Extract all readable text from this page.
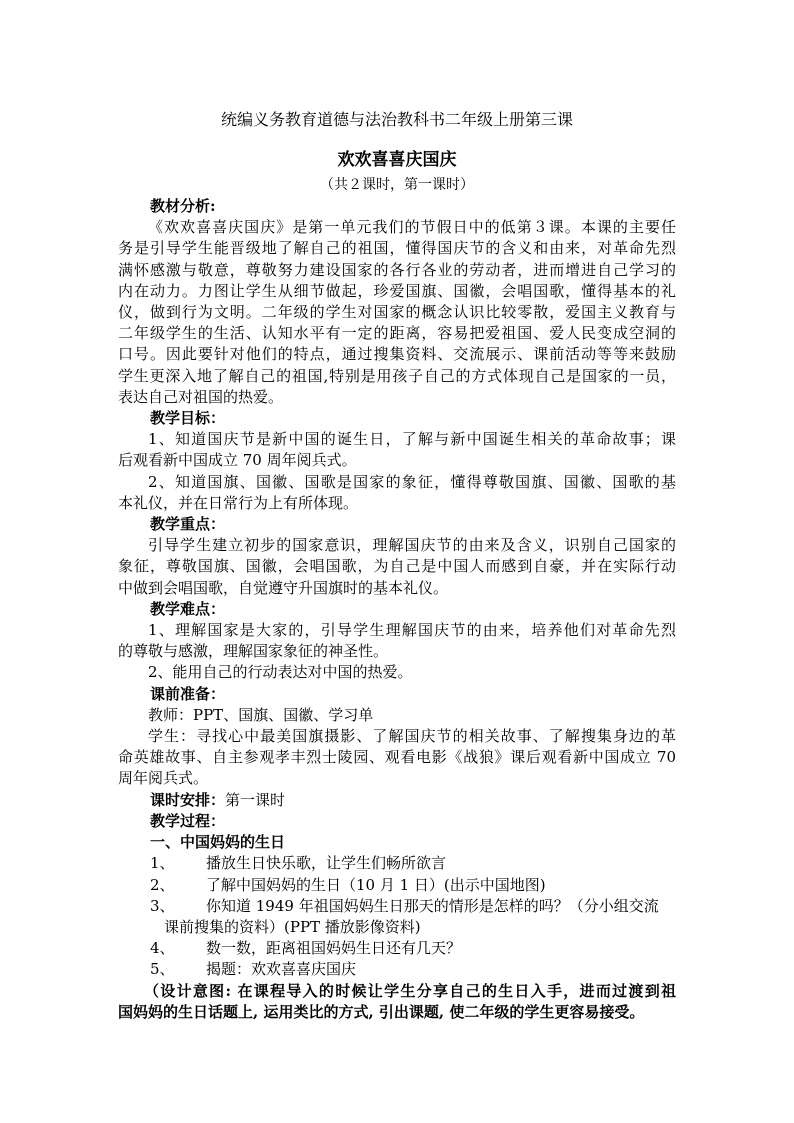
统编义务教育道德与法治教科书二年级上册第三课
欢欢喜喜庆国庆
（共２课时，第一课时）
教材分析:
《欢欢喜喜庆国庆》是第一单元我们的节假日中的低第３课。本课的主要任
务是引导学生能晋级地了解自己的祖国，懂得国庆节的含义和由来，对革命先烈
满怀感激与敬意，尊敬努力建设国家的各行各业的劳动者，进而增进自己学习的
内在动力。力图让学生从细节做起，珍爱国旗、国徽，会唱国歌，懂得基本的礼
仪，做到行为文明。二年级的学生对国家的概念认识比较零散，爱国主义教育与
二年级学生的生活、认知水平有一定的距离，容易把爱祖国、爱人民变成空洞的
口号。因此要针对他们的特点，通过搜集资料、交流展示、课前活动等等来鼓励
学生更深入地了解自己的祖国,特别是用孩子自己的方式体现自己是国家的一员，
表达自己对祖国的热爱。
教学目标：
1、知道国庆节是新中国的诞生日，了解与新中国诞生相关的革命故事；课
后观看新中国成立 70 周年阅兵式。
2、知道国旗、国徽、国歌是国家的象征，懂得尊敬国旗、国徽、国歌的基
本礼仪，并在日常行为上有所体现。
教学重点：
引导学生建立初步的国家意识，理解国庆节的由来及含义，识别自己国家的
象征，尊敬国旗、国徽，会唱国歌，为自己是中国人而感到自豪，并在实际行动
中做到会唱国歌，自觉遵守升国旗时的基本礼仪。
教学难点：
1、理解国家是大家的，引导学生理解国庆节的由来，培养他们对革命先烈
的尊敬与感激，理解国家象征的神圣性。
2、能用自己的行动表达对中国的热爱。
课前准备：
教师：PPT、国旗、国徽、学习单
学生：寻找心中最美国旗摄影、了解国庆节的相关故事、了解搜集身边的革
命英雄故事、自主参观孝丰烈士陵园、观看电影《战狼》课后观看新中国成立 70
周年阅兵式。
课时安排：第一课时
教学过程：
一、中国妈妈的生日
1、 播放生日快乐歌，让学生们畅所欲言
2、 了解中国妈妈的生日（10 月 1 日）(出示中国地图)
3、 你知道 1949 年祖国妈妈生日那天的情形是怎样的吗？（分小组交流
课前搜集的资料）(PPT 播放影像资料)
4、 数一数，距离祖国妈妈生日还有几天？
5、 揭题：欢欢喜喜庆国庆
（设计意图: 在课程导入的时候让学生分享自己的生日入手，进而过渡到祖
国妈妈的生日话题上, 运用类比的方式, 引出课题, 使二年级的学生更容易接受。
